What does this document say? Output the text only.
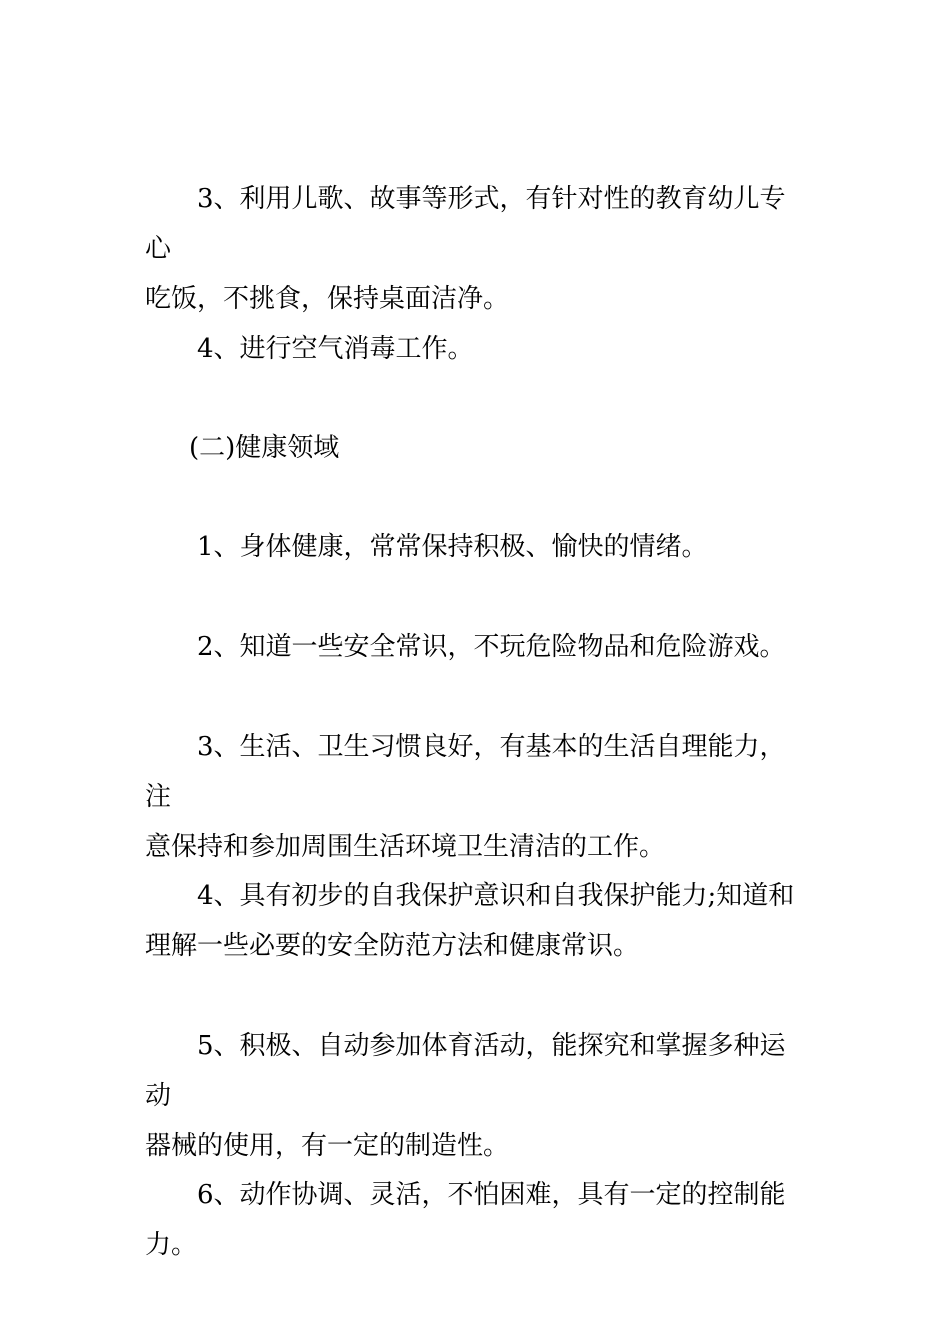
3、利用儿歌、故事等形式，有针对性的教育幼儿专心
吃饭，不挑食，保持桌面洁净。

4、进行空气消毒工作。

(二)健康领域

1、身体健康，常常保持积极、愉快的情绪。

2、知道一些安全常识，不玩危险物品和危险游戏。

3、生活、卫生习惯良好，有基本的生活自理能力，注
意保持和参加周围生活环境卫生清洁的工作。

4、具有初步的自我保护意识和自我保护能力;知道和
理解一些必要的安全防范方法和健康常识。

5、积极、自动参加体育活动，能探究和掌握多种运动
器械的使用，有一定的制造性。

6、动作协调、灵活，不怕困难，具有一定的控制能力。
